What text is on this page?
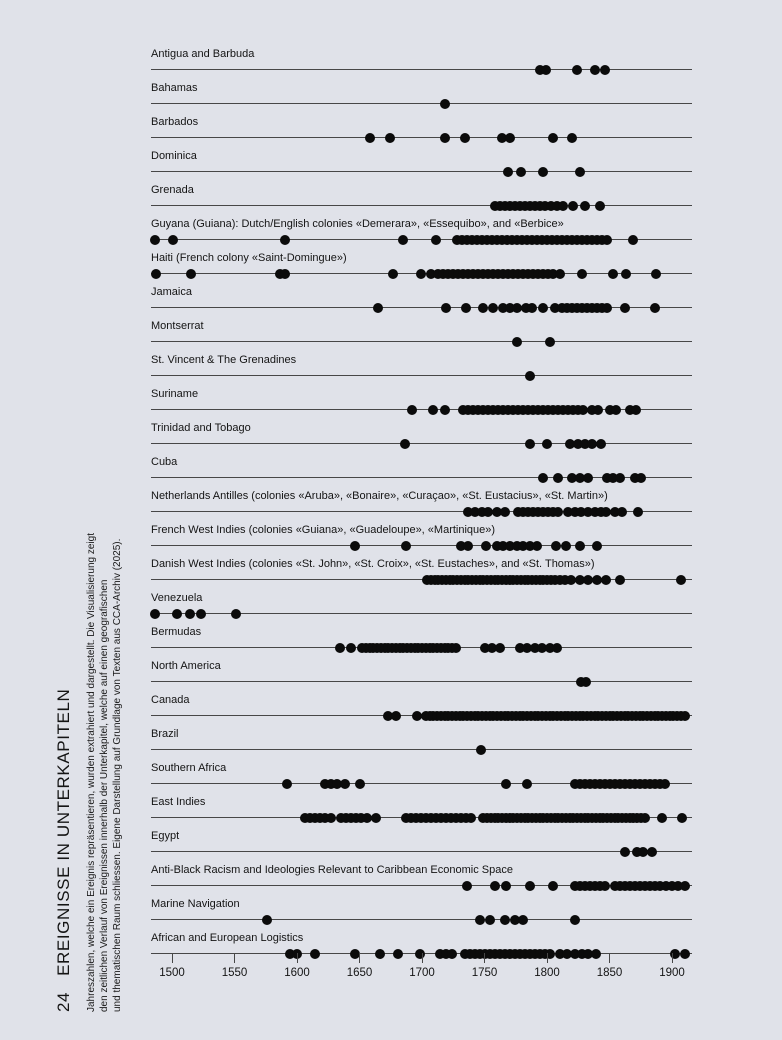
24EREIGNISSE IN UNTERKAPITELN Jahreszahlen, welche ein Ereignis repräsentieren, wurden extrahiert und dargestellt. Die Visualisierung zeigt den zeitlichen Verlauf von Ereignissen innerhalb der Unterkapitel, welche auf einen geografischen und thematischen Raum schliessen. Eigene Darstellung auf Grundlage von Texten aus CCA-Archiv (2025).
Antigua and Barbuda
Bahamas
Barbados
Dominica
Grenada
Guyana (Guiana): Dutch/English colonies «Demerara», «Essequibo», and «Berbice»
Haiti (French colony «Saint-Domingue»)
Jamaica
Montserrat
St. Vincent & The Grenadines
Suriname
Trinidad and Tobago
Cuba
Netherlands Antilles (colonies «Aruba», «Bonaire», «Curaçao», «St. Eustacius», «St. Martin»)
French West Indies (colonies «Guiana», «Guadeloupe», «Martinique»)
Danish West Indies (colonies «St. John», «St. Croix», «St. Eustaches», and «St. Thomas»)
Venezuela
Bermudas
North America
Canada
Brazil
Southern Africa
East Indies
Egypt
Anti-Black Racism and Ideologies Relevant to Caribbean Economic Space
Marine Navigation
African and European Logistics
1500	1550	1600	1650	1700	1750	1800	1850	1900
